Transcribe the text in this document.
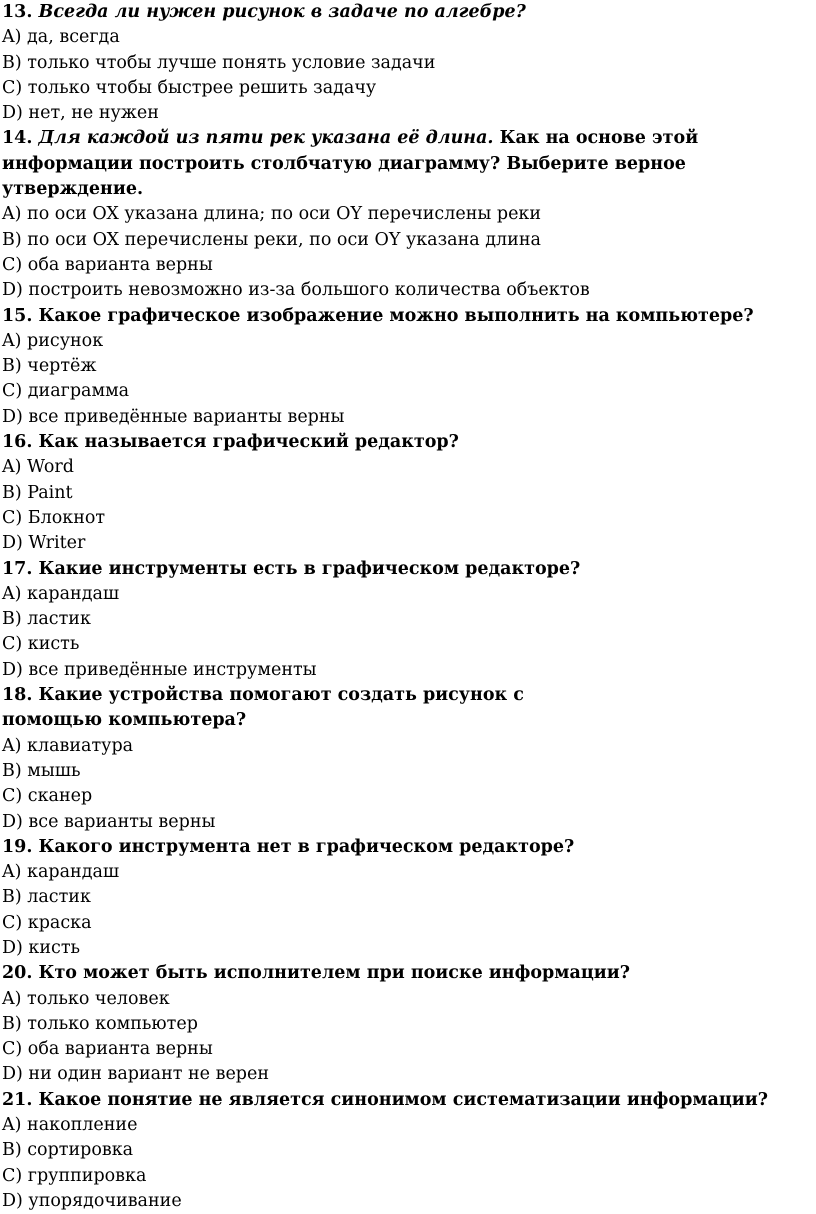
13. Всегда ли нужен рисунок в задаче по алгебре?

A) да, всегда

B) только чтобы лучше понять условие задачи

C) только чтобы быстрее решить задачу

D) нет, не нужен

14. Для каждой из пяти рек указана её длина. Как на основе этой информации построить столбчатую диаграмму? Выберите верное утверждение.

A) по оси OX указана длина; по оси OY перечислены реки

B) по оси OX перечислены реки, по оси OY указана длина

C) оба варианта верны

D) построить невозможно из-за большого количества объектов

15. Какое графическое изображение можно выполнить на компьютере?

A) рисунок

B) чертёж

C) диаграмма

D) все приведённые варианты верны

16. Как называется графический редактор?

A) Word

B) Paint

C) Блокнот

D) Writer

17. Какие инструменты есть в графическом редакторе?

A) карандаш

B) ластик

C) кисть

D) все приведённые инструменты

18. Какие устройства помогают создать рисунок с помощью компьютера?

A) клавиатура

B) мышь

C) сканер

D) все варианты верны

19. Какого инструмента нет в графическом редакторе?

A) карандаш

B) ластик

C) краска

D) кисть

20. Кто может быть исполнителем при поиске информации?

A) только человек

B) только компьютер

C) оба варианта верны

D) ни один вариант не верен

21. Какое понятие не является синонимом систематизации информации?

A) накопление

B) сортировка

C) группировка

D) упорядочивание
